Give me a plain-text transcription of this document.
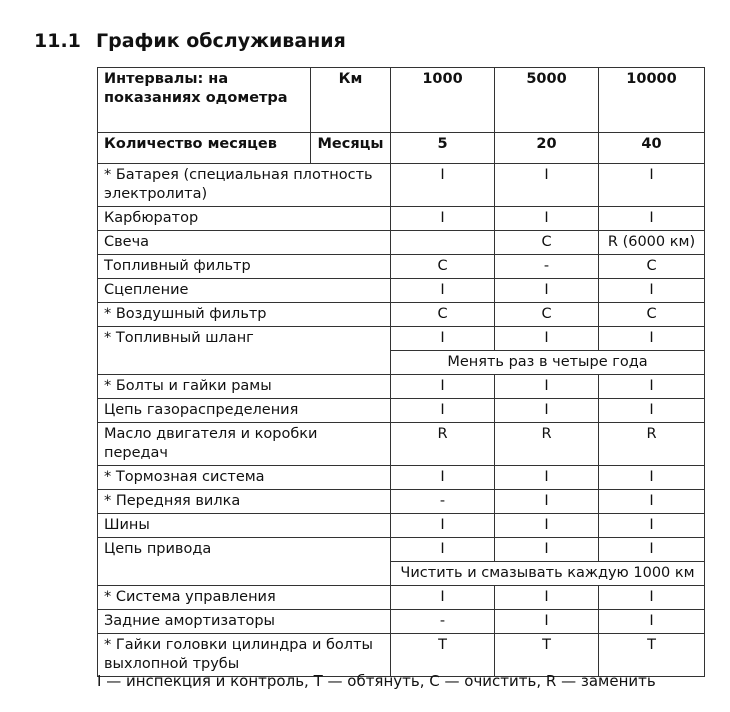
11.1 График обслуживания
Интервалы: на показаниях одометра	Км	1000	5000	10000
Количество месяцев	Месяцы	5	20	40
* Батарея (специальная плотность электролита)		I	I	I
Карбюратор		I	I	I
Свеча			C	R (6000 км)
Топливный фильтр		C	-	C
Сцепление		I	I	I
* Воздушный фильтр		C	C	C
* Топливный шланг		I	I	I
		Менять раз в четыре года		
* Болты и гайки рамы		I	I	I
Цепь газораспределения		I	I	I
Масло двигателя и коробки передач		R	R	R
* Тормозная система		I	I	I
* Передняя вилка		-	I	I
Шины		I	I	I
Цепь привода		I	I	I
		Чистить и смазывать каждую 1000 км		
* Система управления		I	I	I
Задние амортизаторы		-	I	I
* Гайки головки цилиндра и болты выхлопной трубы		T	T	T
I — инспекция и контроль, T — обтянуть, C — очистить, R — заменить
